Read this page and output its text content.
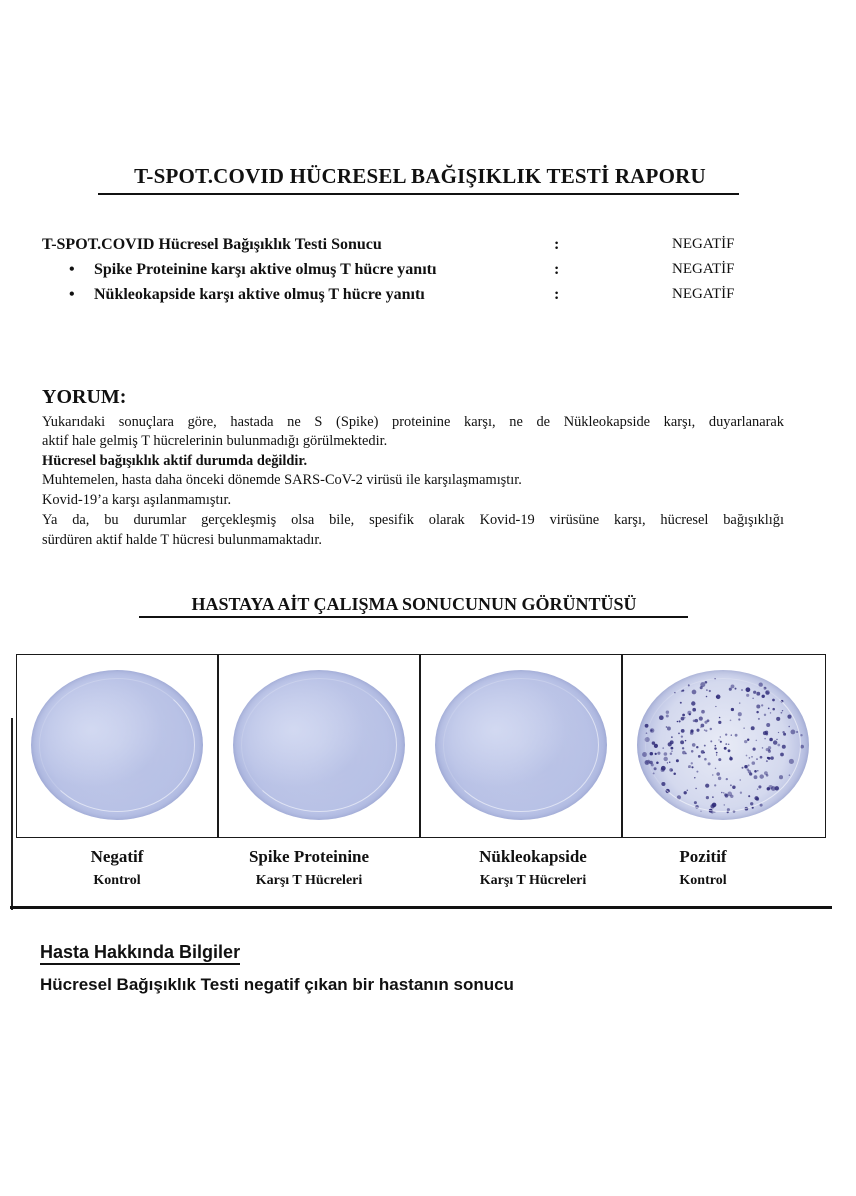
T-SPOT.COVID HÜCRESEL BAĞIŞIKLIK TESTİ RAPORU
T-SPOT.COVID Hücresel Bağışıklık Testi Sonucu	:	NEGATİF
• Spike Proteinine karşı aktive olmuş T hücre yanıtı	:	NEGATİF
• Nükleokapside karşı aktive olmuş T hücre yanıtı	:	NEGATİF
YORUM:
Yukarıdaki sonuçlara göre, hastada ne S (Spike) proteinine karşı, ne de Nükleokapside karşı, duyarlanarak
aktif hale gelmiş T hücrelerinin bulunmadığı görülmektedir.
Hücresel bağışıklık aktif durumda değildir.
Muhtemelen, hasta daha önceki dönemde SARS-CoV-2 virüsü ile karşılaşmamıştır.
Kovid-19’a karşı aşılanmamıştır.
Ya da, bu durumlar gerçekleşmiş olsa bile, spesifik olarak Kovid-19 virüsüne karşı, hücresel bağışıklığı
sürdüren aktif halde T hücresi bulunmamaktadır.
HASTAYA AİT ÇALIŞMA SONUCUNUN GÖRÜNTÜSÜ
Negatif
Kontrol
Spike Proteinine
Karşı T Hücreleri
Nükleokapside
Karşı T Hücreleri
Pozitif
Kontrol
Hasta Hakkında Bilgiler
Hücresel Bağışıklık Testi negatif çıkan bir hastanın sonucu
